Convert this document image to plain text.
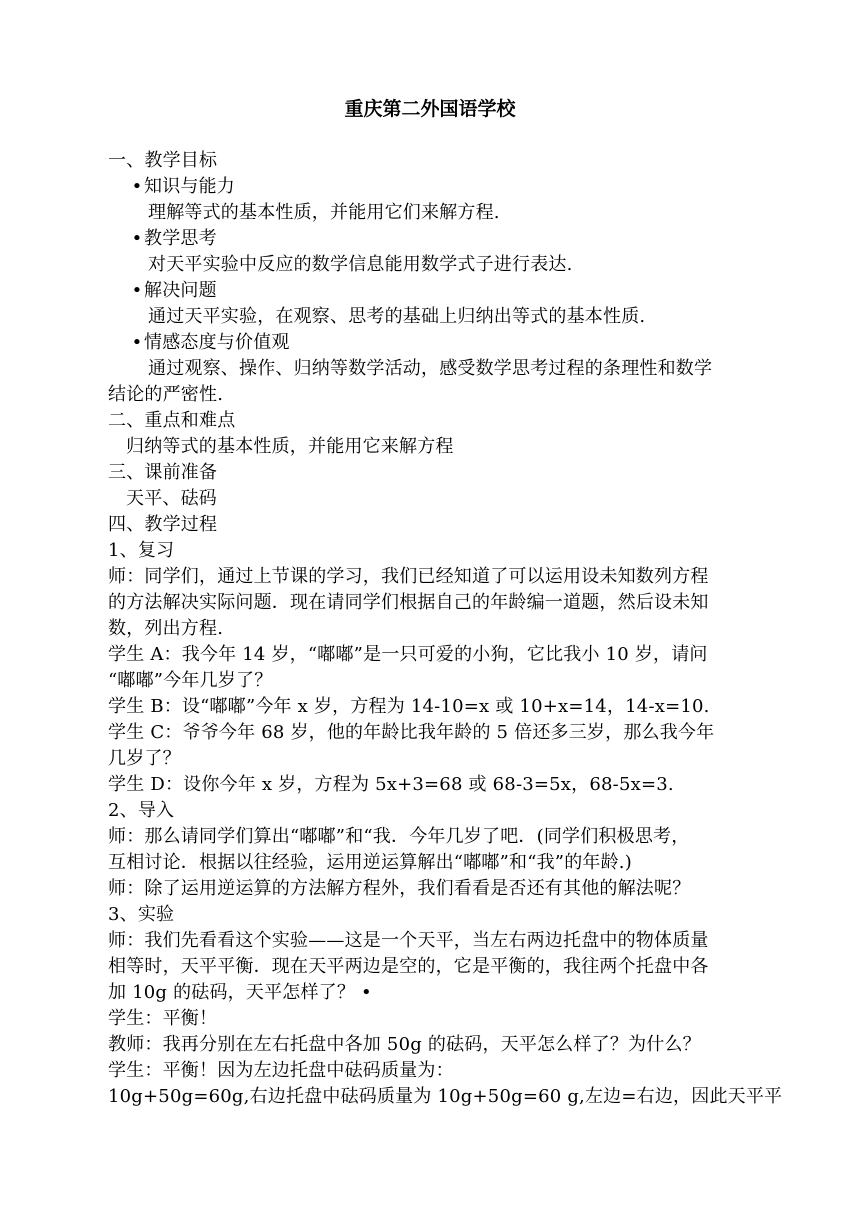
重庆第二外国语学校
一、教学目标
•知识与能力
理解等式的基本性质，并能用它们来解方程.
•教学思考
对天平实验中反应的数学信息能用数学式子进行表达.
•解决问题
通过天平实验，在观察、思考的基础上归纳出等式的基本性质.
•情感态度与价值观
通过观察、操作、归纳等数学活动，感受数学思考过程的条理性和数学
结论的严密性.
二、重点和难点
归纳等式的基本性质，并能用它来解方程
三、课前准备
天平、砝码
四、教学过程
1、复习
师：同学们，通过上节课的学习，我们已经知道了可以运用设未知数列方程
的方法解决实际问题．现在请同学们根据自己的年龄编一道题，然后设未知
数，列出方程.
学生 A：我今年 14 岁，“嘟嘟”是一只可爱的小狗，它比我小 10 岁，请问
“嘟嘟”今年几岁了？
学生 B：设“嘟嘟”今年 x 岁，方程为 14-10=x 或 10+x=14，14-x=10.
学生 C：爷爷今年 68 岁，他的年龄比我年龄的 5 倍还多三岁，那么我今年
几岁了？
学生 D：设你今年 x 岁，方程为 5x+3=68 或 68-3=5x，68-5x=3.
2、导入
师：那么请同学们算出“嘟嘟”和“我．今年几岁了吧．(同学们积极思考，
互相讨论．根据以往经验，运用逆运算解出“嘟嘟”和“我”的年龄.)
师：除了运用逆运算的方法解方程外，我们看看是否还有其他的解法呢？
3、实验
师：我们先看看这个实验——这是一个天平，当左右两边托盘中的物体质量
相等时，天平平衡．现在天平两边是空的，它是平衡的，我往两个托盘中各
加 10g 的砝码，天平怎样了？ •
学生：平衡！
教师：我再分别在左右托盘中各加 50g 的砝码，天平怎么样了？为什么？
学生：平衡！因为左边托盘中砝码质量为：
10g+50g=60g,右边托盘中砝码质量为 10g+50g=60 g,左边=右边，因此天平平
